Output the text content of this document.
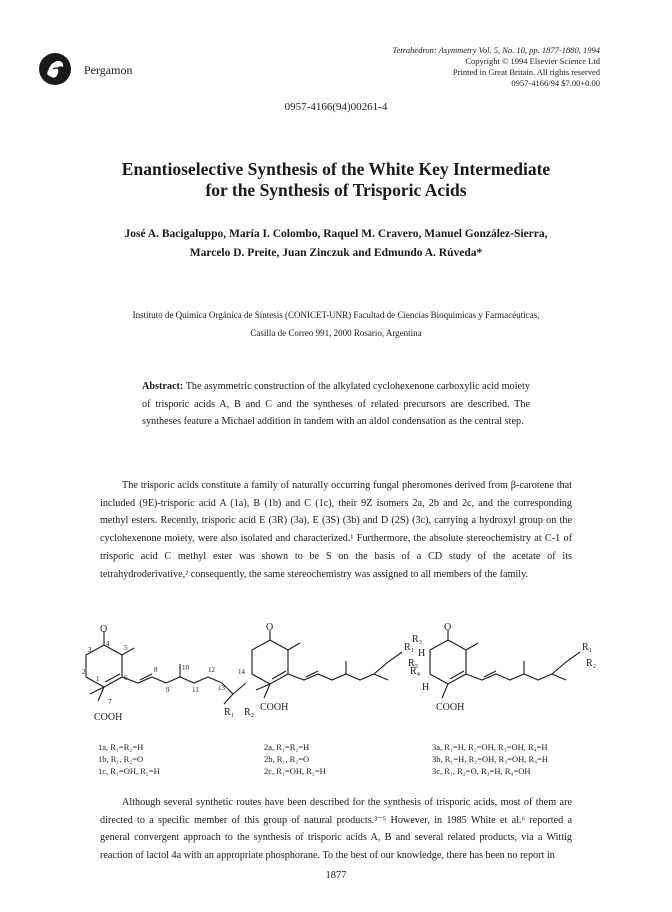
Pergamon
Tetrahedron: Asymmetry Vol. 5, No. 10, pp. 1877-1880, 1994
Copyright © 1994 Elsevier Science Ltd
Printed in Great Britain. All rights reserved
0957-4166/94 $7.00+0.00
0957-4166(94)00261-4
Enantioselective Synthesis of the White Key Intermediate
for the Synthesis of Trisporic Acids
José A. Bacigaluppo, María I. Colombo, Raquel M. Cravero, Manuel González-Sierra,
Marcelo D. Preite, Juan Zinczuk and Edmundo A. Rúveda*
Instituto de Química Orgánica de Síntesis (CONICET-UNR) Facultad de Ciencias Bioquímicas y Farmacéuticas,
Casilla de Correo 991, 2000 Rosario, Argentina
Abstract: The asymmetric construction of the alkylated cyclohexenone carboxylic acid moiety of trisporic acids A, B and C and the syntheses of related precursors are described. The syntheses feature a Michael addition in tandem with an aldol condensation as the central step.
The trisporic acids constitute a family of naturally occurring fungal pheromones derived from β-carotene that included (9E)-trisporic acid A (1a), B (1b) and C (1c), their 9Z isomers 2a, 2b and 2c, and the corresponding methyl esters. Recently, trisporic acid E (3R) (3a), E (3S) (3b) and D (2S) (3c), carrying a hydroxyl group on the cyclohexenone moiety, were also isolated and characterized.¹ Furthermore, the absolute stereochemistry at C-1 of trisporic acid C methyl ester was shown to be S on the basis of a CD study of the acetate of its tetrahydroderivative,² consequently, the same stereochemistry was assigned to all members of the family.
O
COOH	R₁ R₂
3
4 5
2
1	6
7
8
9
10
11
12
13
14
1a, R₁=R₂=H
1b, R₁, R₂=O
1c, R₁=OH, R₂=H
O
COOH
R₁
R₂
2a, R₁=R₂=H
2b, R₁, R₂=O
2c, R₁=OH, R₂=H
O
R₃
H
R₄
H
COOH
R₁
R₂
3a, R₁=H, R₂=OH, R₃=OH, R₄=H
3b, R₁=H, R₂=OH, R₃=OH, R₄=H
3c, R₁, R₂=O, R₃=H, R₄=OH
Although several synthetic routes have been described for the synthesis of trisporic acids, most of them are directed to a specific member of this group of natural products.³⁻⁵ However, in 1985 White et al.⁶ reported a general convergent approach to the synthesis of trisporic acids A, B and several related products, via a Wittig reaction of lactol 4a with an appropriate phosphorane. To the best of our knowledge, there has been no report in
1877
